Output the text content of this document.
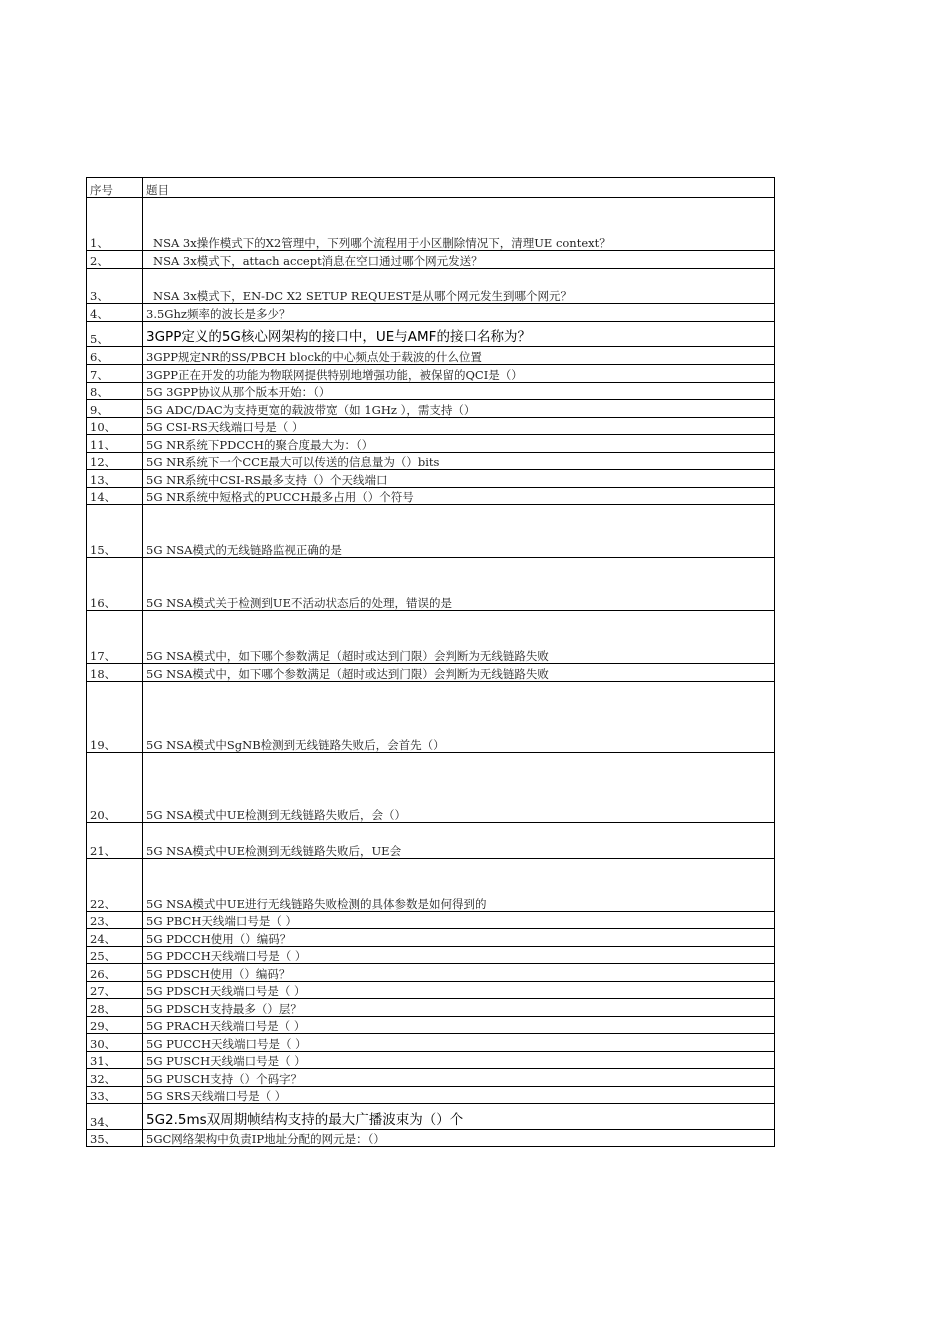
序号	题目
1、	NSA 3x操作模式下的X2管理中，下列哪个流程用于小区删除情况下，清理UE context？
2、	NSA 3x模式下，attach accept消息在空口通过哪个网元发送？
3、	NSA 3x模式下，EN-DC X2 SETUP REQUEST是从哪个网元发生到哪个网元？
4、	3.5Ghz频率的波长是多少？
5、	3GPP定义的5G核心网架构的接口中，UE与AMF的接口名称为？
6、	3GPP规定NR的SS/PBCH block的中心频点处于载波的什么位置
7、	3GPP正在开发的功能为物联网提供特别地增强功能，被保留的QCI是（）
8、	5G 3GPP协议从那个版本开始：（）
9、	5G ADC/DAC为支持更宽的载波带宽（如 1GHz ），需支持（）
10、	5G CSI-RS天线端口号是（ ）
11、	5G NR系统下PDCCH的聚合度最大为：（）
12、	5G NR系统下一个CCE最大可以传送的信息量为（）bits
13、	5G NR系统中CSI-RS最多支持（）个天线端口
14、	5G NR系统中短格式的PUCCH最多占用（）个符号
15、	5G NSA模式的无线链路监视正确的是
16、	5G NSA模式关于检测到UE不活动状态后的处理，错误的是
17、	5G NSA模式中，如下哪个参数满足（超时或达到门限）会判断为无线链路失败
18、	5G NSA模式中，如下哪个参数满足（超时或达到门限）会判断为无线链路失败
19、	5G NSA模式中SgNB检测到无线链路失败后，会首先（）
20、	5G NSA模式中UE检测到无线链路失败后，会（）
21、	5G NSA模式中UE检测到无线链路失败后，UE会
22、	5G NSA模式中UE进行无线链路失败检测的具体参数是如何得到的
23、	5G PBCH天线端口号是（ ）
24、	5G PDCCH使用（）编码？
25、	5G PDCCH天线端口号是（ ）
26、	5G PDSCH使用（）编码？
27、	5G PDSCH天线端口号是（ ）
28、	5G PDSCH支持最多（）层？
29、	5G PRACH天线端口号是（ ）
30、	5G PUCCH天线端口号是（ ）
31、	5G PUSCH天线端口号是（ ）
32、	5G PUSCH支持（）个码字？
33、	5G SRS天线端口号是（ ）
34、	5G2.5ms双周期帧结构支持的最大广播波束为（）个
35、	5GC网络架构中负责IP地址分配的网元是：（）
